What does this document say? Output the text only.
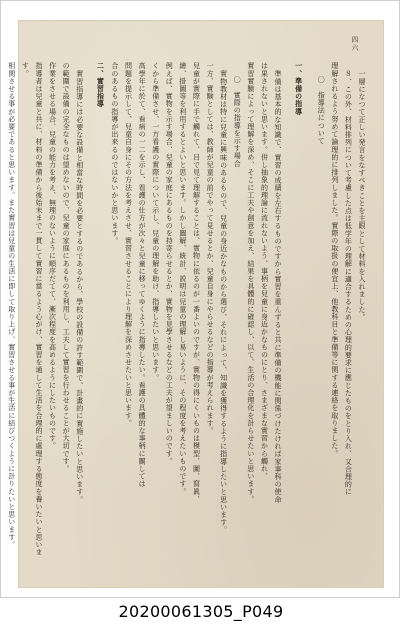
四六

一層になつて正しい発言をなすべきことを主眼として材料を入れました。

８、この外、材料排列について考慮した点は低学年の理解に適合するための心理的要求に應じたものをとり入れ、又合理的に

理解されるよう努めて論理的に排列しました。實際の取扱の便宜上、他教科目と準備等に関する連絡を取りました。

〇　指導法について

一、準備の指導

準備は基本的な知識で、實習の成績を左右するものですから實習を重んずると共に準備の機能に関係づけたければ家事科の使命

は果されないと思います。併し抽象的理論に流れないよう、事柄を兒童に身近かなものにとり、さまざまな實習から觸れ、

實習實驗によって理解を深め、そこに工夫や創意を加え、結果を具體的に確認し、以て、生活の合理化を計らせたいと思います。

〇　實際の指導を示す場合

實物教材は特に兒童に興味のあるもので、兒童の身近かなものから選び、それによって、知識を獲得するように指導したいと思います。

一方、實験としては、教師が兒童の前でやって見せるとか、兒童自身にやらせるなどの指導が考えられます。

兒童が實際に手で觸れて、目で見て理解することは、實物に依るのが一番よいのですが、實物の得にくいものは模型、圖、寫眞、

繪、掛圖等を利用するとよいと思います。しかし圖解、統計、説明は兒童の理解し易いように、その程度を考えたいものです。

例えば、實物を示す場合、兒童の家庭にあるものを持寄らせるとか、實物を見學させるなどの工夫が望ましいのです。

くから準備させ、一方看護の實際について示し、兒童の理解を助け、指導したいと思います。

高學年に於て、看病の一二を示し、看護の仕方が次々と兒童に移ってゆくように指導したい。看護の具體的な事柄に關しては

問題を提示して、兒童自身にその方法を考えさせ、實習させることにより理解を深めさせたいと思います。

合のあるもの指導が出来るのではないかと思います。

二、實習指導

實習指導には必要な設備と相當な時間を必要とするのであるから、學校の設備の許す範圍で、計畫的に實施したいと思います。

の範圍で設備の完全なものは望めないので、兒童の家庭にあるものを利用し、工夫して實習を行わせることが大切です。

作業をさせる場合、兒童の能力を考え、無理のないように順序だてて、漸次程度を高めるようにしたいものです。

指導者は兒童と共に、材料の準備から後始末まで一貫して實習に當るよう心がけ、實習を通して生活を合理的に處理する態度を養いたいと思います。

相関させる事が必要であると思います。また實習は兒童の生活に即して取り上げ、實習させる事が生活に結びつくように計りたいと思います。

20200061305_P049
